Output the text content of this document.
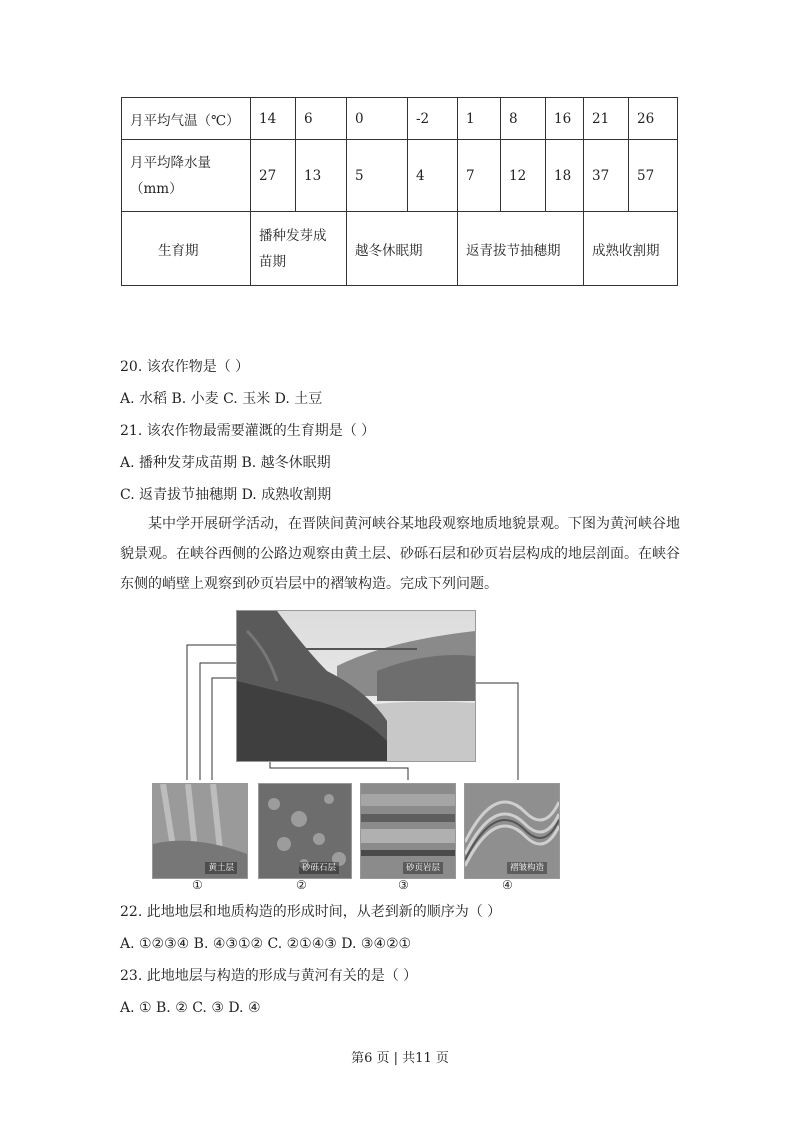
月平均气温（℃）	14	6	0	-2	1	8	16	21	26

月平均降水量（mm）	27	13	5	4	7	12	18	37	57
生育期	播种发芽成苗期		越冬休眠期		返青拔节抽穗期			成熟收割期	
20. 该农作物是（ ）
A. 水稻 B. 小麦 C. 玉米 D. 土豆
21. 该农作物最需要灌溉的生育期是（ ）
A. 播种发芽成苗期 B. 越冬休眠期
C. 返青拔节抽穗期 D. 成熟收割期
某中学开展研学活动，在晋陕间黄河峡谷某地段观察地质地貌景观。下图为黄河峡谷地貌景观。在峡谷西侧的公路边观察由黄土层、砂砾石层和砂页岩层构成的地层剖面。在峡谷东侧的峭壁上观察到砂页岩层中的褶皱构造。完成下列问题。
黄土层	砂砾石层	砂页岩层	褶皱构造
①	②	③	④
22. 此地地层和地质构造的形成时间，从老到新的顺序为（ ）
A. ①②③④ B. ④③①② C. ②①④③ D. ③④②①
23. 此地地层与构造的形成与黄河有关的是（ ）
A. ① B. ② C. ③ D. ④
第6 页 | 共11 页
